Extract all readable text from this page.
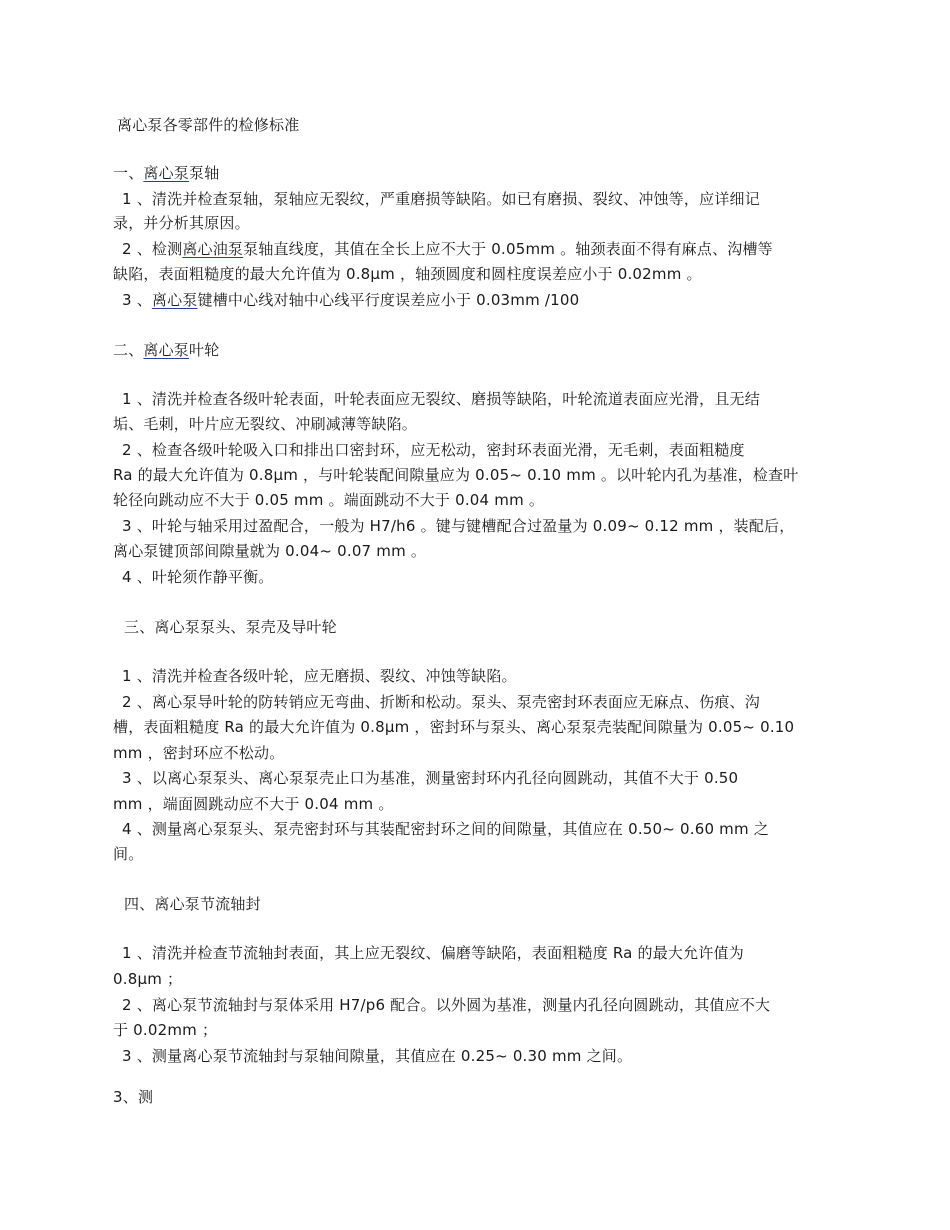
离心泵各零部件的检修标准
一、离心泵泵轴
1 、清洗并检查泵轴，泵轴应无裂纹，严重磨损等缺陷。如已有磨损、裂纹、冲蚀等，应详细记
录，并分析其原因。
2 、检测离心油泵泵轴直线度，其值在全长上应不大于 0.05mm 。轴颈表面不得有麻点、沟槽等
缺陷，表面粗糙度的最大允许值为 0.8μm ，轴颈圆度和圆柱度误差应小于 0.02mm 。
3 、离心泵键槽中心线对轴中心线平行度误差应小于 0.03mm /100
二、离心泵叶轮
1 、清洗并检查各级叶轮表面，叶轮表面应无裂纹、磨损等缺陷，叶轮流道表面应光滑，且无结
垢、毛刺，叶片应无裂纹、冲刷减薄等缺陷。
2 、检查各级叶轮吸入口和排出口密封环，应无松动，密封环表面光滑，无毛刺，表面粗糙度
Ra 的最大允许值为 0.8μm ，与叶轮装配间隙量应为 0.05~ 0.10 mm 。以叶轮内孔为基准，检查叶
轮径向跳动应不大于 0.05 mm 。端面跳动不大于 0.04 mm 。
3 、叶轮与轴采用过盈配合，一般为 H7/h6 。键与键槽配合过盈量为 0.09~ 0.12 mm ，装配后，
离心泵键顶部间隙量就为 0.04~ 0.07 mm 。
4 、叶轮须作静平衡。
三、离心泵泵头、泵壳及导叶轮
1 、清洗并检查各级叶轮，应无磨损、裂纹、冲蚀等缺陷。
2 、离心泵导叶轮的防转销应无弯曲、折断和松动。泵头、泵壳密封环表面应无麻点、伤痕、沟
槽，表面粗糙度 Ra 的最大允许值为 0.8μm ，密封环与泵头、离心泵泵壳装配间隙量为 0.05~ 0.10
mm ，密封环应不松动。
3 、以离心泵泵头、离心泵泵壳止口为基准，测量密封环内孔径向圆跳动，其值不大于 0.50
mm ，端面圆跳动应不大于 0.04 mm 。
4 、测量离心泵泵头、泵壳密封环与其装配密封环之间的间隙量，其值应在 0.50~ 0.60 mm 之
间。
四、离心泵节流轴封
1 、清洗并检查节流轴封表面，其上应无裂纹、偏磨等缺陷，表面粗糙度 Ra 的最大允许值为
0.8μm ；
2 、离心泵节流轴封与泵体采用 H7/p6 配合。以外圆为基准，测量内孔径向圆跳动，其值应不大
于 0.02mm ；
3 、测量离心泵节流轴封与泵轴间隙量，其值应在 0.25~ 0.30 mm 之间。
3、测
